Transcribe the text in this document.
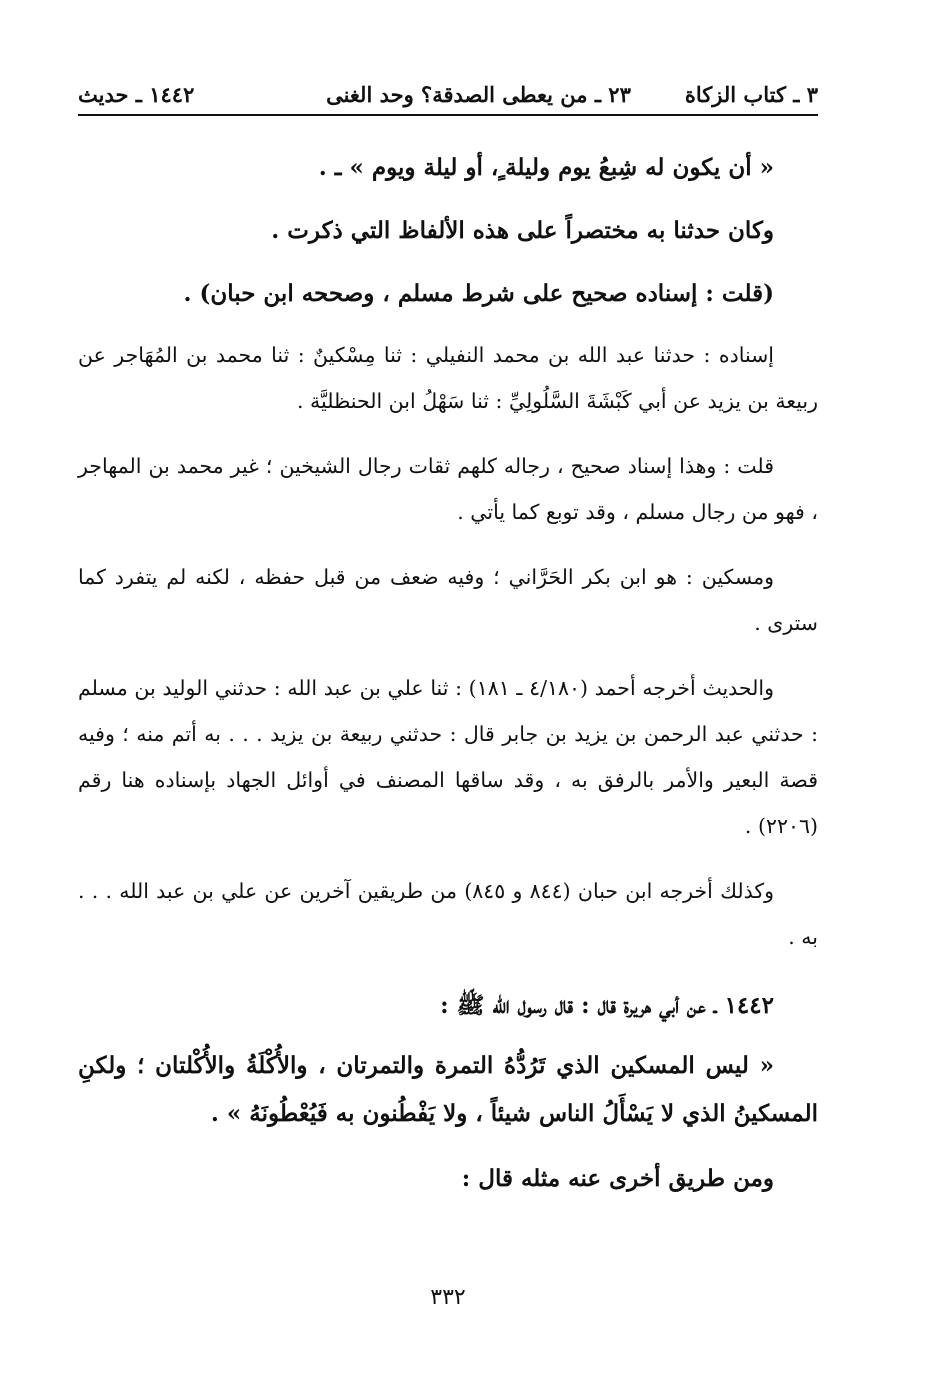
٣ ـ كتاب الزكاة
٢٣ ـ من يعطى الصدقة؟ وحد الغنى
١٤٤٢ ـ حديث

« أن يكون له شِبعُ يوم وليلة ٍ، أو ليلة ويوم » ـ .

وكان حدثنا به مختصراً على هذه الألفاظ التي ذكرت .

(قلت : إسناده صحيح على شرط مسلم ، وصححه ابن حبان) .

إسناده : حدثنا عبد الله بن محمد النفيلي : ثنا مِسْكينٌ : ثنا محمد بن المُهَاجر عن ربيعة بن يزيد عن أبي كَبْشَةَ السَّلُولِيِّ : ثنا سَهْلُ ابن الحنظليَّة .

قلت : وهذا إسناد صحيح ، رجاله كلهم ثقات رجال الشيخين ؛ غير محمد بن المهاجر ، فهو من رجال مسلم ، وقد توبع كما يأتي .

ومسكين : هو ابن بكر الحَرَّاني ؛ وفيه ضعف من قبل حفظه ، لكنه لم يتفرد كما سترى .

والحديث أخرجه أحمد (٤/١٨٠ ـ ١٨١) : ثنا علي بن عبد الله : حدثني الوليد بن مسلم : حدثني عبد الرحمن بن يزيد بن جابر قال : حدثني ربيعة بن يزيد . . . به أتم منه ؛ وفيه قصة البعير والأمر بالرفق به ، وقد ساقها المصنف في أوائل الجهاد بإسناده هنا رقم (٢٢٠٦) .

وكذلك أخرجه ابن حبان (٨٤٤ و ٨٤٥) من طريقين آخرين عن علي بن عبد الله . . . به .

١٤٤٢ ـ عن أبي هريرة قال : قال رسول الله ﷺ :

« ليس المسكين الذي تَرُدُّهُ التمرة والتمرتان ، والأُكْلَةُ والأُكْلتان ؛ ولكنِ المسكينُ الذي لا يَسْأَلُ الناس شيئاً ، ولا يَفْطُنون به فَيُعْطُونَهُ » .

ومن طريق أخرى عنه مثله قال :

٣٣٢
